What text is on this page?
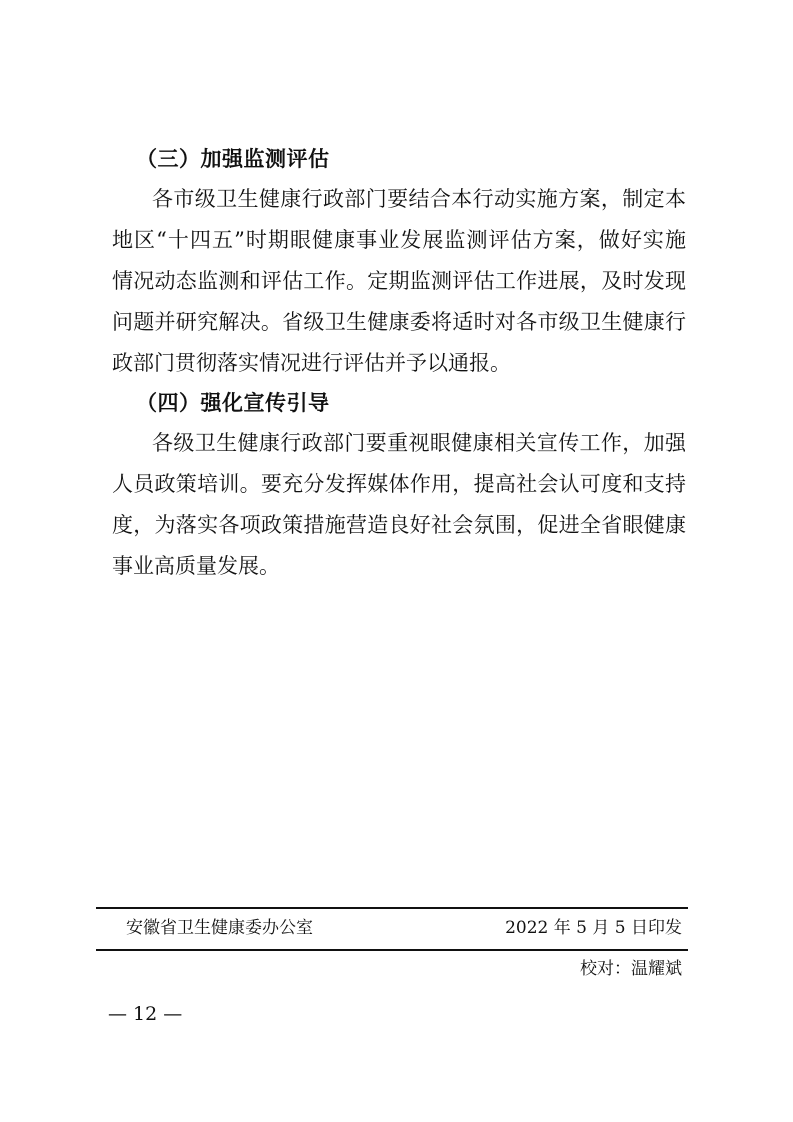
（三）加强监测评估

各市级卫生健康行政部门要结合本行动实施方案，制定本

地区“十四五”时期眼健康事业发展监测评估方案，做好实施

情况动态监测和评估工作。定期监测评估工作进展，及时发现

问题并研究解决。省级卫生健康委将适时对各市级卫生健康行

政部门贯彻落实情况进行评估并予以通报。

（四）强化宣传引导

各级卫生健康行政部门要重视眼健康相关宣传工作，加强

人员政策培训。要充分发挥媒体作用，提高社会认可度和支持

度，为落实各项政策措施营造良好社会氛围，促进全省眼健康

事业高质量发展。

安徽省卫生健康委办公室	2022 年 5 月 5 日印发
校对：温耀斌
— 12 —
